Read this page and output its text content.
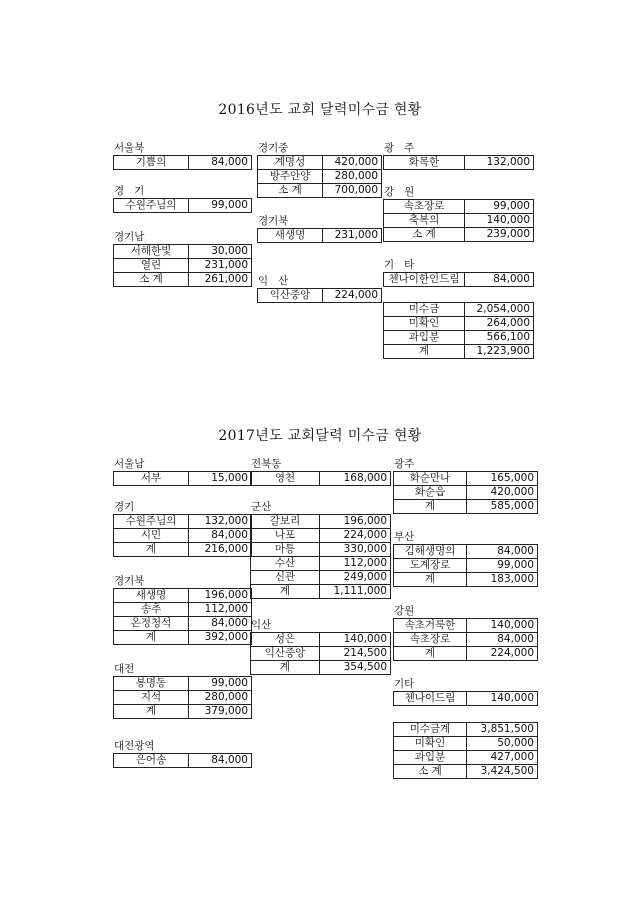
2016년도 교회 달력미수금 현황
2017년도 교회달력 미수금 현황
서울북
기쁨의	84,000
경   기
수원주님의	99,000
경기남
서해한빛	30,000
열린	231,000
소 계	261,000
경기중
계명성	420,000
방주안양	280,000
소 계	700,000
경기북
새생명	231,000
익   산
익산중앙	224,000
광   주
화목한	132,000
강   원
속초장로	99,000
축복의	140,000
소 계	239,000
기   타
첸나이한인드림	84,000
미수금	2,054,000
미확인	264,000
과입분	566,100
계	1,223,900
서울남
서부	15,000
경기
수원주님의	132,000
시민	84,000
계	216,000
경기북
새생명	196,000
송추	112,000
온정청석	84,000
계	392,000
대전
봉명동	99,000
지석	280,000
계	379,000
대전광역
은어송	84,000
전북동
영천	168,000
군산
갈보리	196,000
나포	224,000
마틍	330,000
수산	112,000
신관	249,000
계	1,111,000
익산
성은	140,000
익산중앙	214,500
계	354,500
광주
화순만나	165,000
화순읍	420,000
계	585,000
부산
김해생명의	84,000
도계장로	99,000
계	183,000
강원
속초거룩한	140,000
속초장로	84,000
계	224,000
기타
첸나이드림	140,000
미수금계	3,851,500
미확인	50,000
과입분	427,000
소 계	3,424,500
